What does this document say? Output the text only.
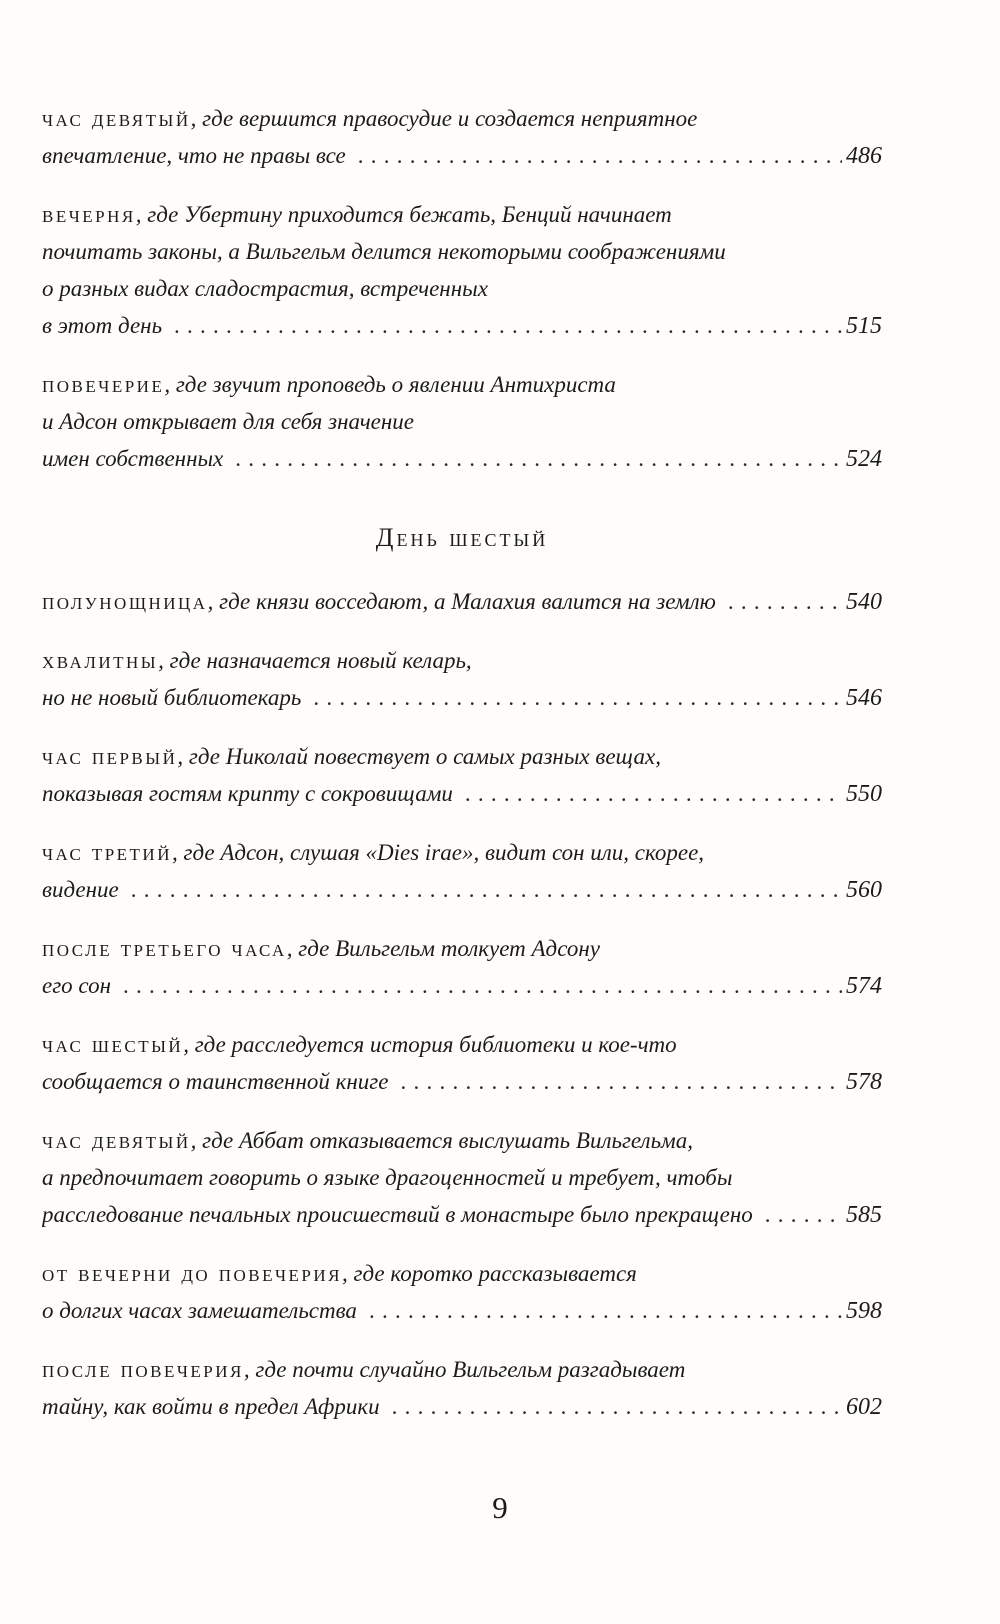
час девятый, где вершится правосудие и создается неприятное
впечатление, что не правы все . . .	486
вечерня, где Убертину приходится бежать, Бенций начинает
почитать законы, а Вильгельм делится некоторыми соображениями
о разных видах сладострастия, встреченных
в этот день . . .	515
повечерие, где звучит проповедь о явлении Антихриста
и Адсон открывает для себя значение
имен собственных . . .	524
День шестый
полунощница, где князи восседают, а Малахия валится на землю . . .	540
хвалитны, где назначается новый келарь,
но не новый библиотекарь . . .	546
час первый, где Николай повествует о самых разных вещах,
показывая гостям крипту с сокровищами . . .	550
час третий, где Адсон, слушая «Dies irae», видит сон или, скорее,
видение . . .	560
после третьего часа, где Вильгельм толкует Адсону
его сон . . .	574
час шестый, где расследуется история библиотеки и кое-что
сообщается о таинственной книге . . .	578
час девятый, где Аббат отказывается выслушать Вильгельма,
а предпочитает говорить о языке драгоценностей и требует, чтобы
расследование печальных происшествий в монастыре было прекращено . . .	585
от вечерни до повечерия, где коротко рассказывается
о долгих часах замешательства . . .	598
после повечерия, где почти случайно Вильгельм разгадывает
тайну, как войти в предел Африки . . .	602
9
